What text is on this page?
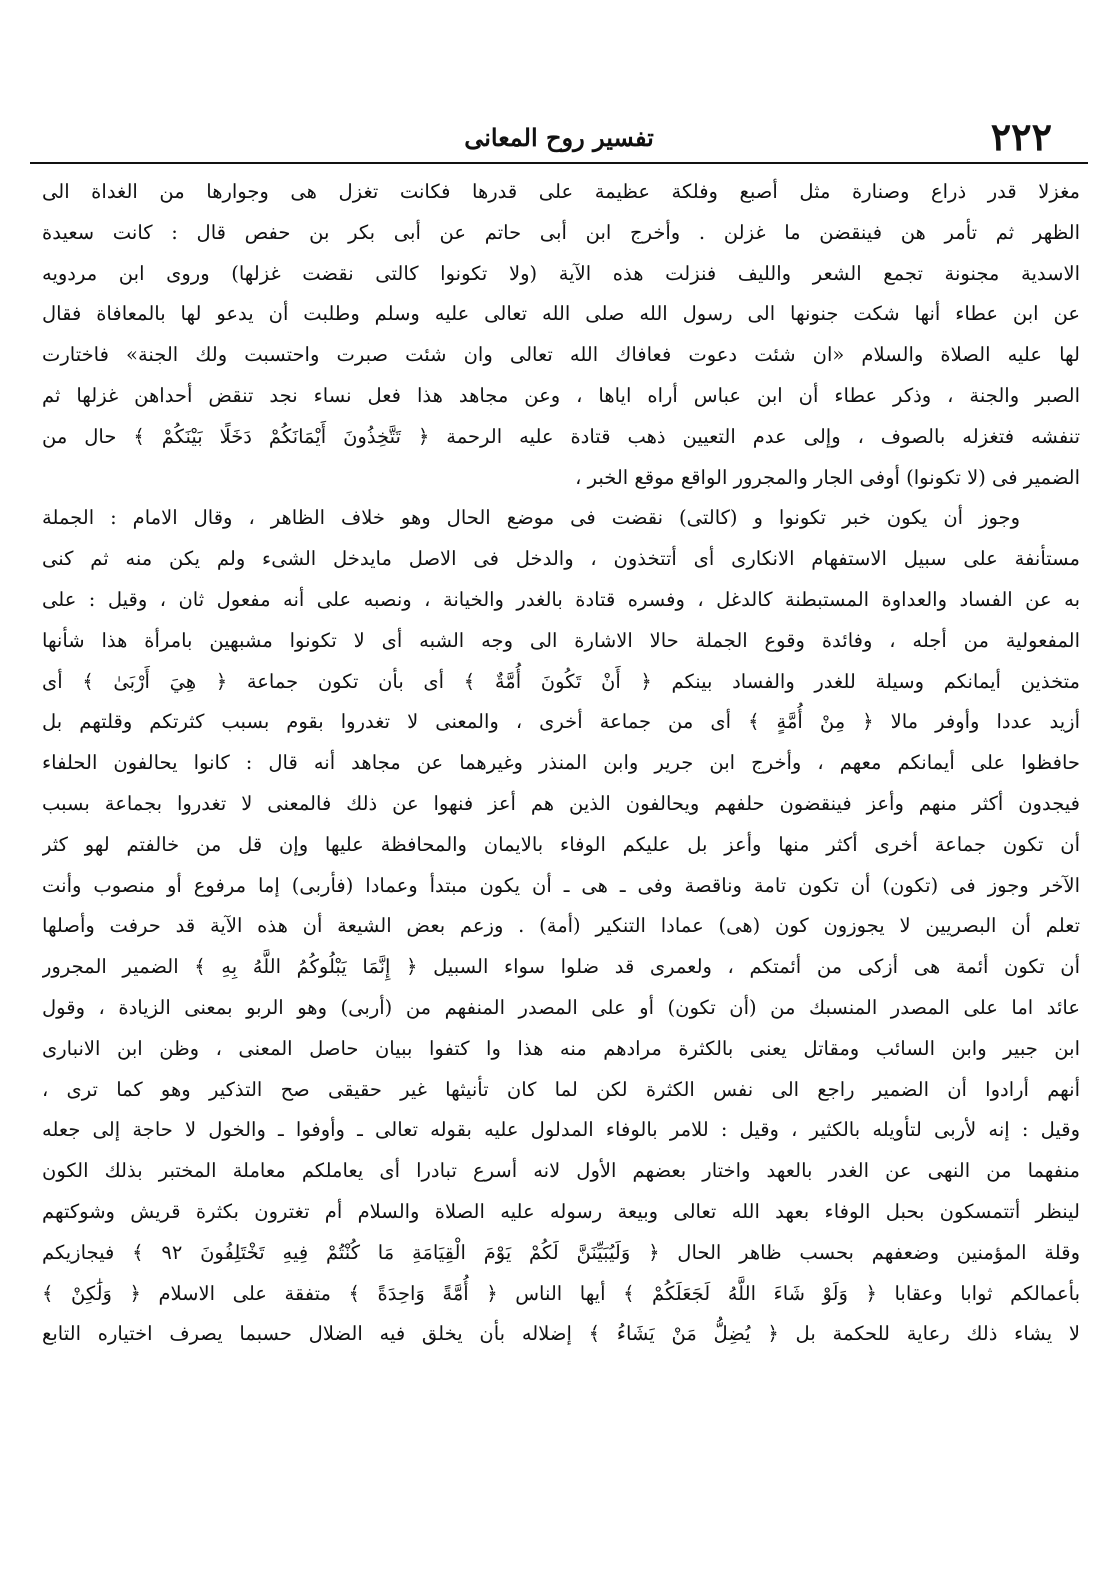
٢٢٢
تفسير روح المعانى
مغزلا قدر ذراع وصنارة مثل أصبع وفلكة عظيمة على قدرها فكانت تغزل هى وجوارها من الغداة الى
الظهر ثم تأمر هن فينقضن ما غزلن . وأخرج ابن أبى حاتم عن أبى بكر بن حفص قال : كانت سعيدة
الاسدية مجنونة تجمع الشعر والليف فنزلت هذه الآية (ولا تكونوا كالتى نقضت غزلها) وروى ابن مردويه
عن ابن عطاء أنها شكت جنونها الى رسول الله صلى الله تعالى عليه وسلم وطلبت أن يدعو لها بالمعافاة فقال
لها عليه الصلاة والسلام «ان شئت دعوت فعافاك الله تعالى وان شئت صبرت واحتسبت ولك الجنة» فاختارت
الصبر والجنة ، وذكر عطاء أن ابن عباس أراه اياها ، وعن مجاهد هذا فعل نساء نجد تنقض أحداهن غزلها ثم
تنفشه فتغزله بالصوف ، وإلى عدم التعيين ذهب قتادة عليه الرحمة ﴿ تَتَّخِذُونَ أَيْمَانَكُمْ دَخَلًا بَيْنَكُمْ ﴾ حال من
الضمير فى (لا تكونوا) أوفى الجار والمجرور الواقع موقع الخبر ،
وجوز أن يكون خبر تكونوا و (كالتى) نقضت فى موضع الحال وهو خلاف الظاهر ، وقال الامام : الجملة
مستأنفة على سبيل الاستفهام الانكارى أى أتتخذون ، والدخل فى الاصل مايدخل الشىء ولم يكن منه ثم كنى
به عن الفساد والعداوة المستبطنة كالدغل ، وفسره قتادة بالغدر والخيانة ، ونصبه على أنه مفعول ثان ، وقيل : على
المفعولية من أجله ، وفائدة وقوع الجملة حالا الاشارة الى وجه الشبه أى لا تكونوا مشبهين بامرأة هذا شأنها
متخذين أيمانكم وسيلة للغدر والفساد بينكم ﴿ أَنْ تَكُونَ أُمَّةٌ ﴾ أى بأن تكون جماعة ﴿ هِيَ أَرْبَىٰ ﴾ أى
أزيد عددا وأوفر مالا ﴿ مِنْ أُمَّةٍ ﴾ أى من جماعة أخرى ، والمعنى لا تغدروا بقوم بسبب كثرتكم وقلتهم بل
حافظوا على أيمانكم معهم ، وأخرج ابن جرير وابن المنذر وغيرهما عن مجاهد أنه قال : كانوا يحالفون الحلفاء
فيجدون أكثر منهم وأعز فينقضون حلفهم ويحالفون الذين هم أعز فنهوا عن ذلك فالمعنى لا تغدروا بجماعة بسبب
أن تكون جماعة أخرى أكثر منها وأعز بل عليكم الوفاء بالايمان والمحافظة عليها وإن قل من خالفتم لهو كثر
الآخر وجوز فى (تكون) أن تكون تامة وناقصة وفى ـ هى ـ أن يكون مبتدأ وعمادا (فأربى) إما مرفوع أو منصوب وأنت
تعلم أن البصريين لا يجوزون كون (هى) عمادا التنكير (أمة) . وزعم بعض الشيعة أن هذه الآية قد حرفت وأصلها
أن تكون أئمة هى أزكى من أئمتكم ، ولعمرى قد ضلوا سواء السبيل ﴿ إِنَّمَا يَبْلُوكُمُ اللَّهُ بِهِ ﴾ الضمير المجرور
عائد اما على المصدر المنسبك من (أن تكون) أو على المصدر المنفهم من (أربى) وهو الربو بمعنى الزيادة ، وقول
ابن جبير وابن السائب ومقاتل يعنى بالكثرة مرادهم منه هذا وا كتفوا ببيان حاصل المعنى ، وظن ابن الانبارى
أنهم أرادوا أن الضمير راجع الى نفس الكثرة لكن لما كان تأنيثها غير حقيقى صح التذكير وهو كما ترى ،
وقيل : إنه لأربى لتأويله بالكثير ، وقيل : للامر بالوفاء المدلول عليه بقوله تعالى ـ وأوفوا ـ والخول لا حاجة إلى جعله
منفهما من النهى عن الغدر بالعهد واختار بعضهم الأول لانه أسرع تبادرا أى يعاملكم معاملة المختبر بذلك الكون
لينظر أتتمسكون بحبل الوفاء بعهد الله تعالى وبيعة رسوله عليه الصلاة والسلام أم تغترون بكثرة قريش وشوكتهم
وقلة المؤمنين وضعفهم بحسب ظاهر الحال ﴿ وَلَيُبَيِّنَنَّ لَكُمْ يَوْمَ الْقِيَامَةِ مَا كُنْتُمْ فِيهِ تَخْتَلِفُونَ ٩٢ ﴾ فيجازيكم
بأعمالكم ثوابا وعقابا ﴿ وَلَوْ شَاءَ اللَّهُ لَجَعَلَكُمْ ﴾ أيها الناس ﴿ أُمَّةً وَاحِدَةً ﴾ متفقة على الاسلام ﴿ وَلَٰكِنْ ﴾
لا يشاء ذلك رعاية للحكمة بل ﴿ يُضِلُّ مَنْ يَشَاءُ ﴾ إضلاله بأن يخلق فيه الضلال حسبما يصرف اختياره التابع
